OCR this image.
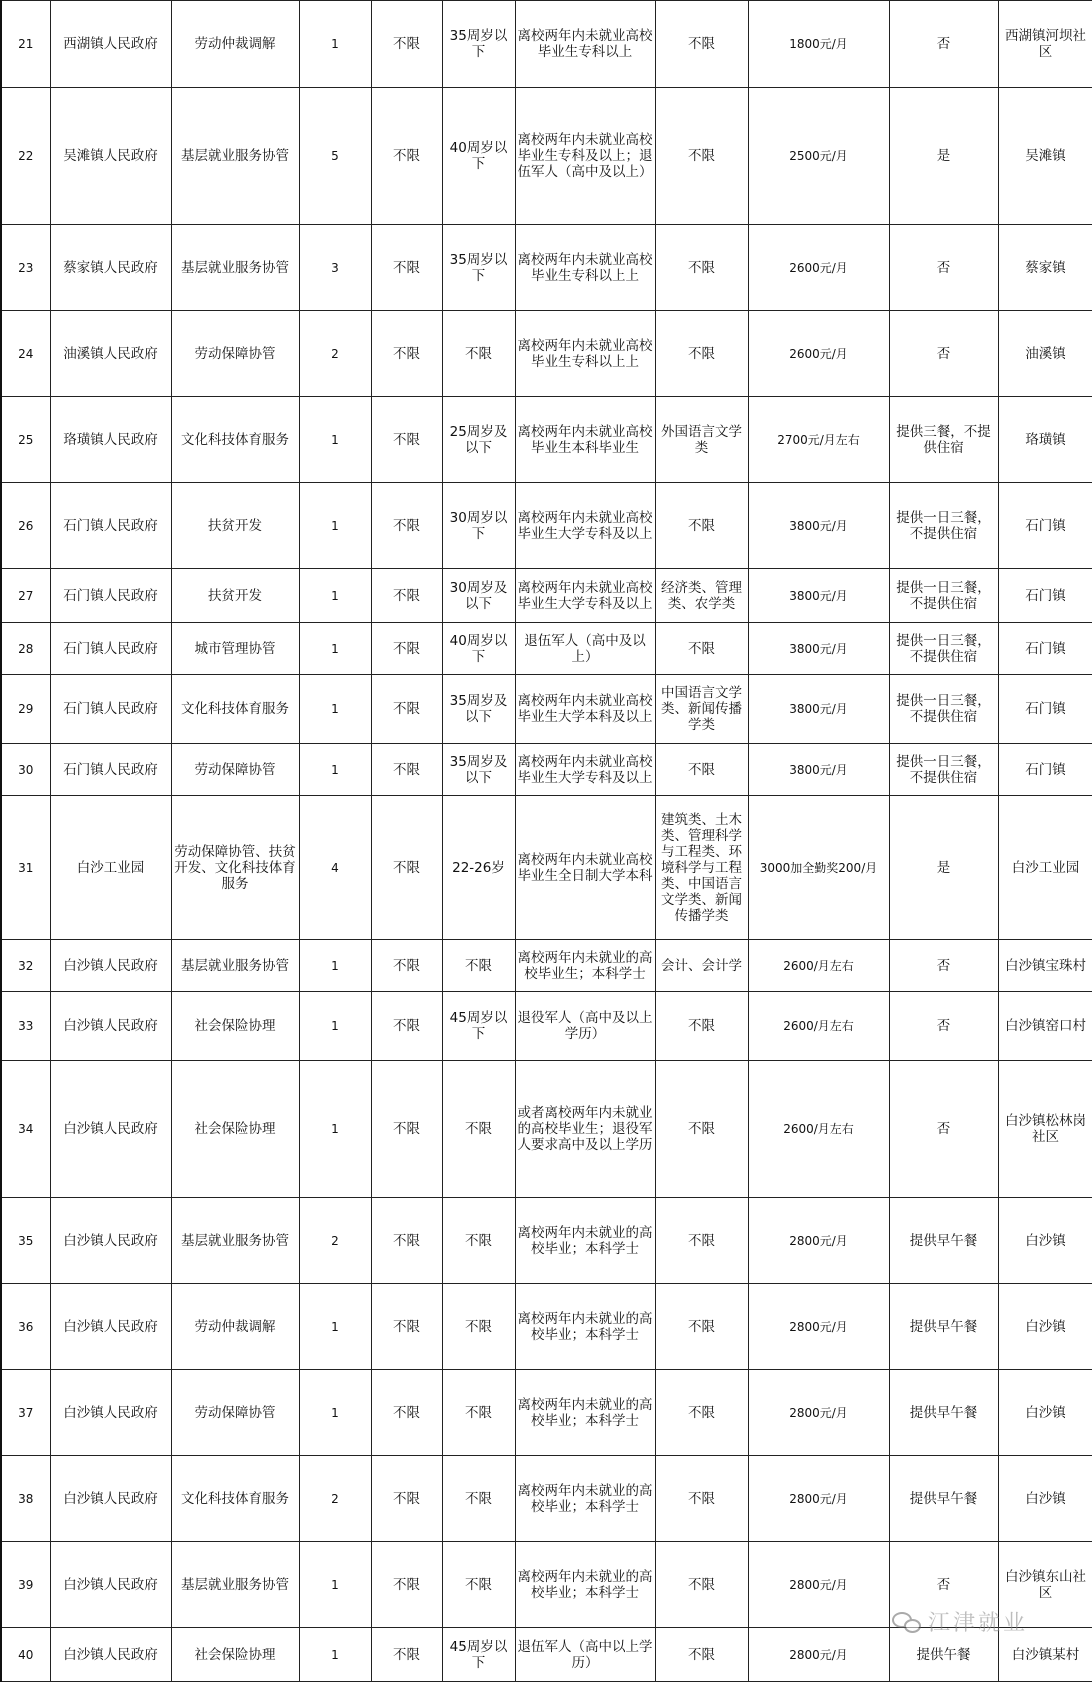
21	西湖镇人民政府	劳动仲裁调解	1	不限	35周岁以下	离校两年内未就业高校毕业生专科以上	不限	1800元/月	否	西湖镇河坝社区
22	吴滩镇人民政府	基层就业服务协管	5	不限	40周岁以下	离校两年内未就业高校毕业生专科及以上；退伍军人（高中及以上）	不限	2500元/月	是	吴滩镇
23	蔡家镇人民政府	基层就业服务协管	3	不限	35周岁以下	离校两年内未就业高校毕业生专科以上上	不限	2600元/月	否	蔡家镇
24	油溪镇人民政府	劳动保障协管	2	不限	不限	离校两年内未就业高校毕业生专科以上上	不限	2600元/月	否	油溪镇
25	珞璜镇人民政府	文化科技体育服务	1	不限	25周岁及以下	离校两年内未就业高校毕业生本科毕业生	外国语言文学类	2700元/月左右	提供三餐，不提供住宿	珞璜镇
26	石门镇人民政府	扶贫开发	1	不限	30周岁以下	离校两年内未就业高校毕业生大学专科及以上	不限	3800元/月	提供一日三餐，不提供住宿	石门镇
27	石门镇人民政府	扶贫开发	1	不限	30周岁及以下	离校两年内未就业高校毕业生大学专科及以上	经济类、管理类、农学类	3800元/月	提供一日三餐，不提供住宿	石门镇
28	石门镇人民政府	城市管理协管	1	不限	40周岁以下	退伍军人（高中及以上）	不限	3800元/月	提供一日三餐，不提供住宿	石门镇
29	石门镇人民政府	文化科技体育服务	1	不限	35周岁及以下	离校两年内未就业高校毕业生大学本科及以上	中国语言文学类、新闻传播学类	3800元/月	提供一日三餐，不提供住宿	石门镇
30	石门镇人民政府	劳动保障协管	1	不限	35周岁及以下	离校两年内未就业高校毕业生大学专科及以上	不限	3800元/月	提供一日三餐，不提供住宿	石门镇
31	白沙工业园	劳动保障协管、扶贫开发、文化科技体育服务	4	不限	22-26岁	离校两年内未就业高校毕业生全日制大学本科	建筑类、土木类、管理科学与工程类、环境科学与工程类、中国语言文学类、新闻传播学类	3000加全勤奖200/月	是	白沙工业园
32	白沙镇人民政府	基层就业服务协管	1	不限	不限	离校两年内未就业的高校毕业生；本科学士	会计、会计学	2600/月左右	否	白沙镇宝珠村
33	白沙镇人民政府	社会保险协理	1	不限	45周岁以下	退役军人（高中及以上学历）	不限	2600/月左右	否	白沙镇窑口村
34	白沙镇人民政府	社会保险协理	1	不限	不限	或者离校两年内未就业的高校毕业生；退役军人要求高中及以上学历	不限	2600/月左右	否	白沙镇松林岗社区
35	白沙镇人民政府	基层就业服务协管	2	不限	不限	离校两年内未就业的高校毕业；本科学士	不限	2800元/月	提供早午餐	白沙镇
36	白沙镇人民政府	劳动仲裁调解	1	不限	不限	离校两年内未就业的高校毕业；本科学士	不限	2800元/月	提供早午餐	白沙镇
37	白沙镇人民政府	劳动保障协管	1	不限	不限	离校两年内未就业的高校毕业；本科学士	不限	2800元/月	提供早午餐	白沙镇
38	白沙镇人民政府	文化科技体育服务	2	不限	不限	离校两年内未就业的高校毕业；本科学士	不限	2800元/月	提供早午餐	白沙镇
39	白沙镇人民政府	基层就业服务协管	1	不限	不限	离校两年内未就业的高校毕业；本科学士	不限	2800元/月	否	白沙镇东山社区
40	白沙镇人民政府	社会保险协理	1	不限	45周岁以下	退伍军人（高中以上学历）	不限	2800元/月	提供午餐	白沙镇某村
江津就业
